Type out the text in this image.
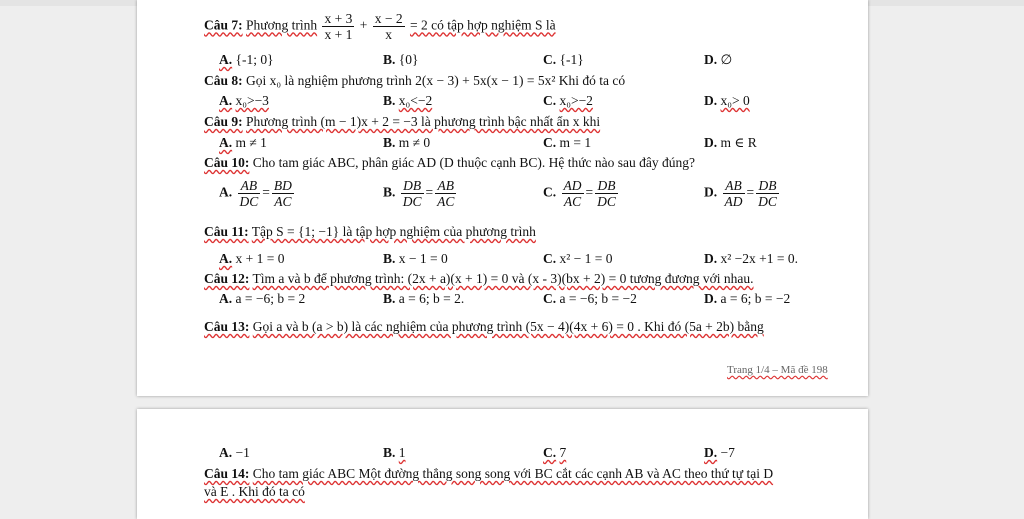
Câu 7: Phương trình $\frac{x + 3}{x + 1} + \frac{x - 2}{x} = 2$ có tập hợp nghiệm S là
A. {-1; 0}	B. {0}	C. {-1}	D. ∅
Câu 8: Gọi x₀ là nghiệm phương trình 2(x − 3) + 5x(x − 1) = 5x² Khi đó ta có
A. x₀>−3	B. x₀<−2	C. x₀>−2	D. x₀> 0
Câu 9: Phương trình (m − 1)x + 2 = −3 là phương trình bậc nhất ẩn x khi
A. m ≠ 1	B. m ≠ 0	C. m = 1	D. m ∈ R
Câu 10: Cho tam giác ABC, phân giác AD (D thuộc cạnh BC). Hệ thức nào sau đây đúng?
A. $\frac{AB}{DC} = \frac{BD}{AC}$	B. $\frac{DB}{DC} = \frac{AB}{AC}$	C. $\frac{AD}{AC} = \frac{DB}{DC}$	D. $\frac{AB}{AD} = \frac{DB}{DC}$
Câu 11: Tập S = {1; −1} là tập hợp nghiệm của phương trình
A. x + 1 = 0	B. x − 1 = 0	C. x² − 1 = 0	D. x² −2x +1 = 0.
Câu 12: Tìm a và b để phương trình: (2x + a)(x + 1) = 0 và (x - 3)(bx + 2) = 0 tương đương với nhau.
A. a = −6; b = 2	B. a = 6; b = 2.	C. a = −6; b = −2	D. a = 6; b = −2
Câu 13: Gọi a và b (a > b) là các nghiệm của phương trình (5x − 4)(4x + 6) = 0 . Khi đó (5a + 2b) bằng
Trang 1/4 – Mã đề 198
A. −1	B. 1	C. 7	D. −7
Câu 14: Cho tam giác ABC Một đường thẳng song song với BC cắt các cạnh AB và AC theo thứ tự tại D
và E . Khi đó ta có
